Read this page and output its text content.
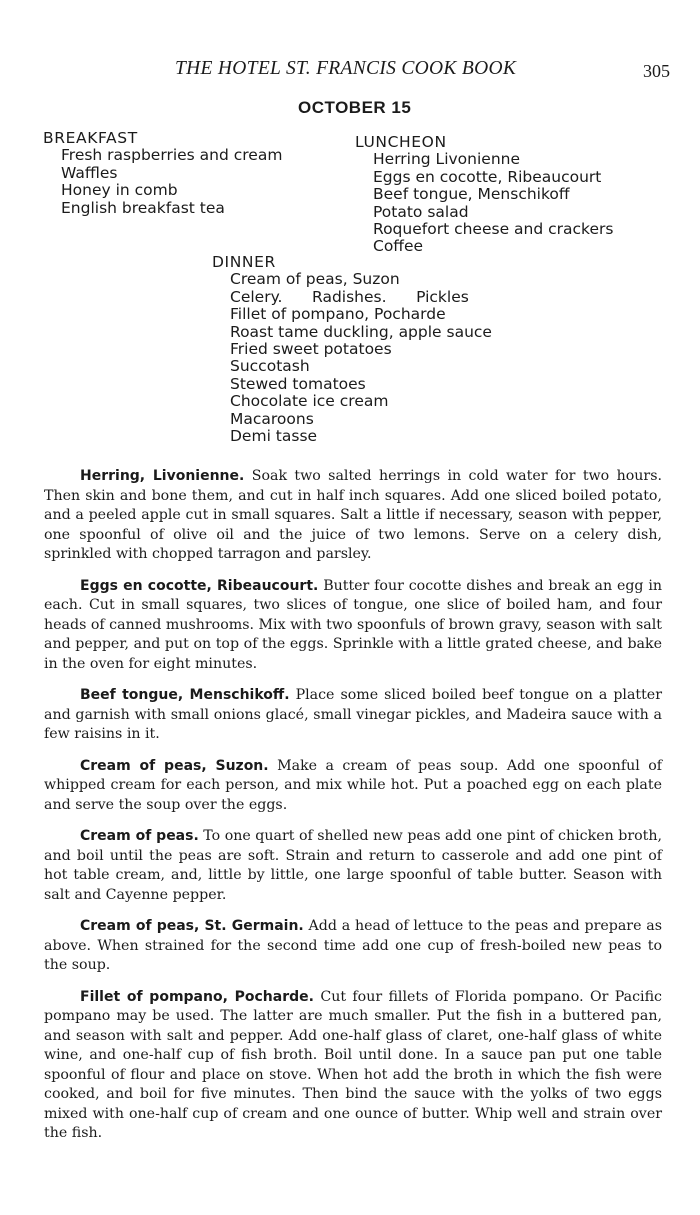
THE HOTEL ST. FRANCIS COOK BOOK	305
OCTOBER 15

BREAKFAST

Fresh raspberries and cream
Waffles
Honey in comb
English breakfast tea

LUNCHEON

Herring Livonienne
Eggs en cocotte, Ribeaucourt
Beef tongue, Menschikoff
Potato salad
Roquefort cheese and crackers
Coffee

DINNER

Cream of peas, Suzon
Celery.      Radishes.      Pickles
Fillet of pompano, Pocharde
Roast tame duckling, apple sauce
Fried sweet potatoes
Succotash
Stewed tomatoes
Chocolate ice cream
Macaroons
Demi tasse

Herring, Livonienne. Soak two salted herrings in cold water for two hours. Then skin and bone them, and cut in half inch squares. Add one sliced boiled potato, and a peeled apple cut in small squares. Salt a little if necessary, season with pepper, one spoonful of olive oil and the juice of two lemons. Serve on a celery dish, sprinkled with chopped tarragon and parsley.

Eggs en cocotte, Ribeaucourt. Butter four cocotte dishes and break an egg in each. Cut in small squares, two slices of tongue, one slice of boiled ham, and four heads of canned mushrooms. Mix with two spoonfuls of brown gravy, season with salt and pepper, and put on top of the eggs. Sprinkle with a little grated cheese, and bake in the oven for eight minutes.

Beef tongue, Menschikoff. Place some sliced boiled beef tongue on a platter and garnish with small onions glacé, small vinegar pickles, and Madeira sauce with a few raisins in it.

Cream of peas, Suzon. Make a cream of peas soup. Add one spoonful of whipped cream for each person, and mix while hot. Put a poached egg on each plate and serve the soup over the eggs.

Cream of peas. To one quart of shelled new peas add one pint of chicken broth, and boil until the peas are soft. Strain and return to casserole and add one pint of hot table cream, and, little by little, one large spoonful of table butter. Season with salt and Cayenne pepper.

Cream of peas, St. Germain. Add a head of lettuce to the peas and prepare as above. When strained for the second time add one cup of fresh-boiled new peas to the soup.

Fillet of pompano, Pocharde. Cut four fillets of Florida pompano. Or Pacific pompano may be used. The latter are much smaller. Put the fish in a buttered pan, and season with salt and pepper. Add one-half glass of claret, one-half glass of white wine, and one-half cup of fish broth. Boil until done. In a sauce pan put one table spoonful of flour and place on stove. When hot add the broth in which the fish were cooked, and boil for five minutes. Then bind the sauce with the yolks of two eggs mixed with one-half cup of cream and one ounce of butter. Whip well and strain over the fish.
